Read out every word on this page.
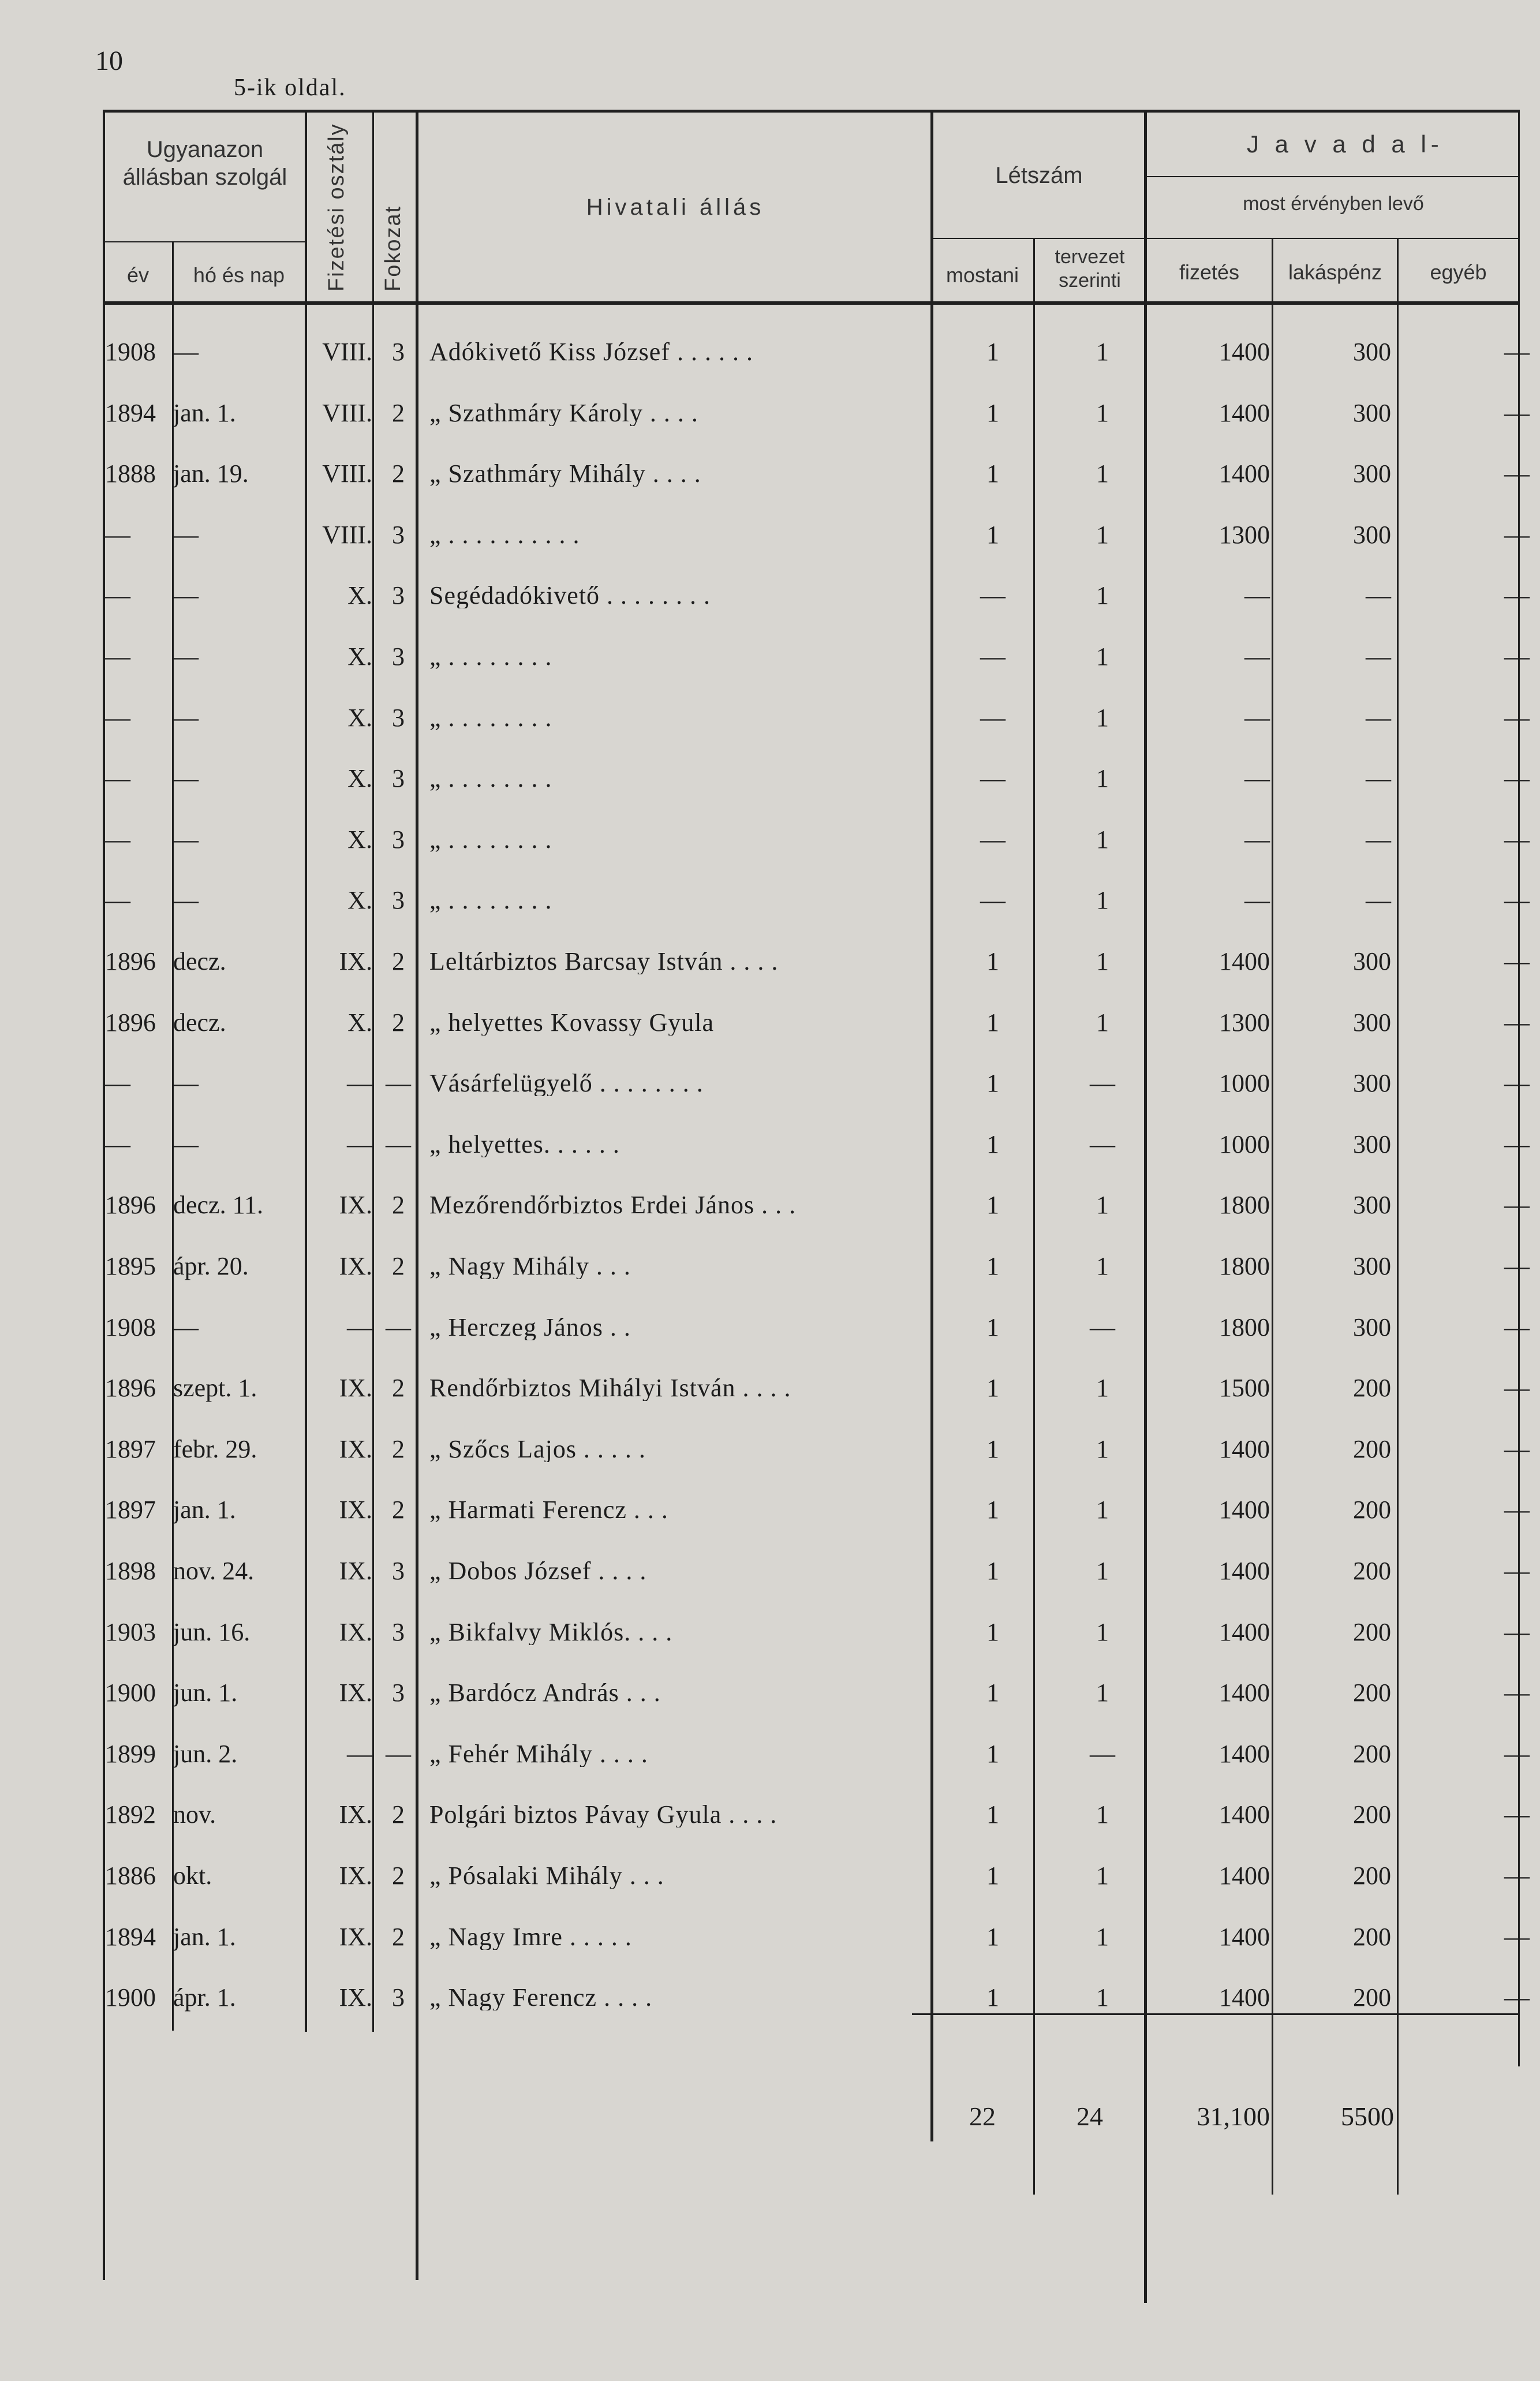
10
5-ik oldal.
Ugyanazon állásban szolgál
év	hó és nap	Fizetési osztály Fokozat	Hivatali állás
Létszám
mostani
tervezet szerinti
J a v a d a l-
most érvényben levő
fizetés	lakáspénz	egyéb
1908 —	VIII. 3 Adókivető Kiss József . . . . . .	1	1	1400	300	—
1894 jan. 1.	VIII. 2 „ Szathmáry Károly . . . .	1	1	1400	300	—
1888 jan. 19.	VIII. 2 „ Szathmáry Mihály . . . .	1	1	1400	300	—
— —	VIII. 3 „ . . . . . . . . . .	1	1	1300	300	—
— —	X. 3 Segédadókivető . . . . . . . .	—	1	—	—	—
— —	X. 3 „ . . . . . . . .	—	1	—	—	—
— —	X. 3 „ . . . . . . . .	—	1	—	—	—
— —	X. 3 „ . . . . . . . .	—	1	—	—	—
— —	X. 3 „ . . . . . . . .	—	1	—	—	—
— —	X. 3 „ . . . . . . . .	—	1	—	—	—
1896 decz.	IX. 2 Leltárbiztos Barcsay István . . . .	1	1	1400	300	—
1896 decz.	X. 2 „ helyettes Kovassy Gyula	1	1	1300	300	—
— —	— — Vásárfelügyelő . . . . . . . .	1	—	1000	300	—
— —	— — „ helyettes. . . . . .	1	—	1000	300	—
1896 decz. 11.	IX. 2 Mezőrendőrbiztos Erdei János . . .	1	1	1800	300	—
1895 ápr. 20.	IX. 2 „ Nagy Mihály . . .	1	1	1800	300	—
1908 —	— — „ Herczeg János . .	1	—	1800	300	—
1896 szept. 1.	IX. 2 Rendőrbiztos Mihályi István . . . .	1	1	1500	200	—
1897 febr. 29.	IX. 2 „ Szőcs Lajos . . . . .	1	1	1400	200	—
1897 jan. 1.	IX. 2 „ Harmati Ferencz . . .	1	1	1400	200	—
1898 nov. 24.	IX. 3 „ Dobos József . . . .	1	1	1400	200	—
1903 jun. 16.	IX. 3 „ Bikfalvy Miklós. . . .	1	1	1400	200	—
1900 jun. 1.	IX. 3 „ Bardócz András . . .	1	1	1400	200	—
1899 jun. 2.	— — „ Fehér Mihály . . . .	1	—	1400	200	—
1892 nov.	IX. 2 Polgári biztos Pávay Gyula . . . .	1	1	1400	200	—
1886 okt.	IX. 2 „ Pósalaki Mihály . . .	1	1	1400	200	—
1894 jan. 1.	IX. 2 „ Nagy Imre . . . . .	1	1	1400	200	—
1900 ápr. 1.	IX. 3 „ Nagy Ferencz . . . .	1	1	1400	200	—
22	24	31,100	5500
